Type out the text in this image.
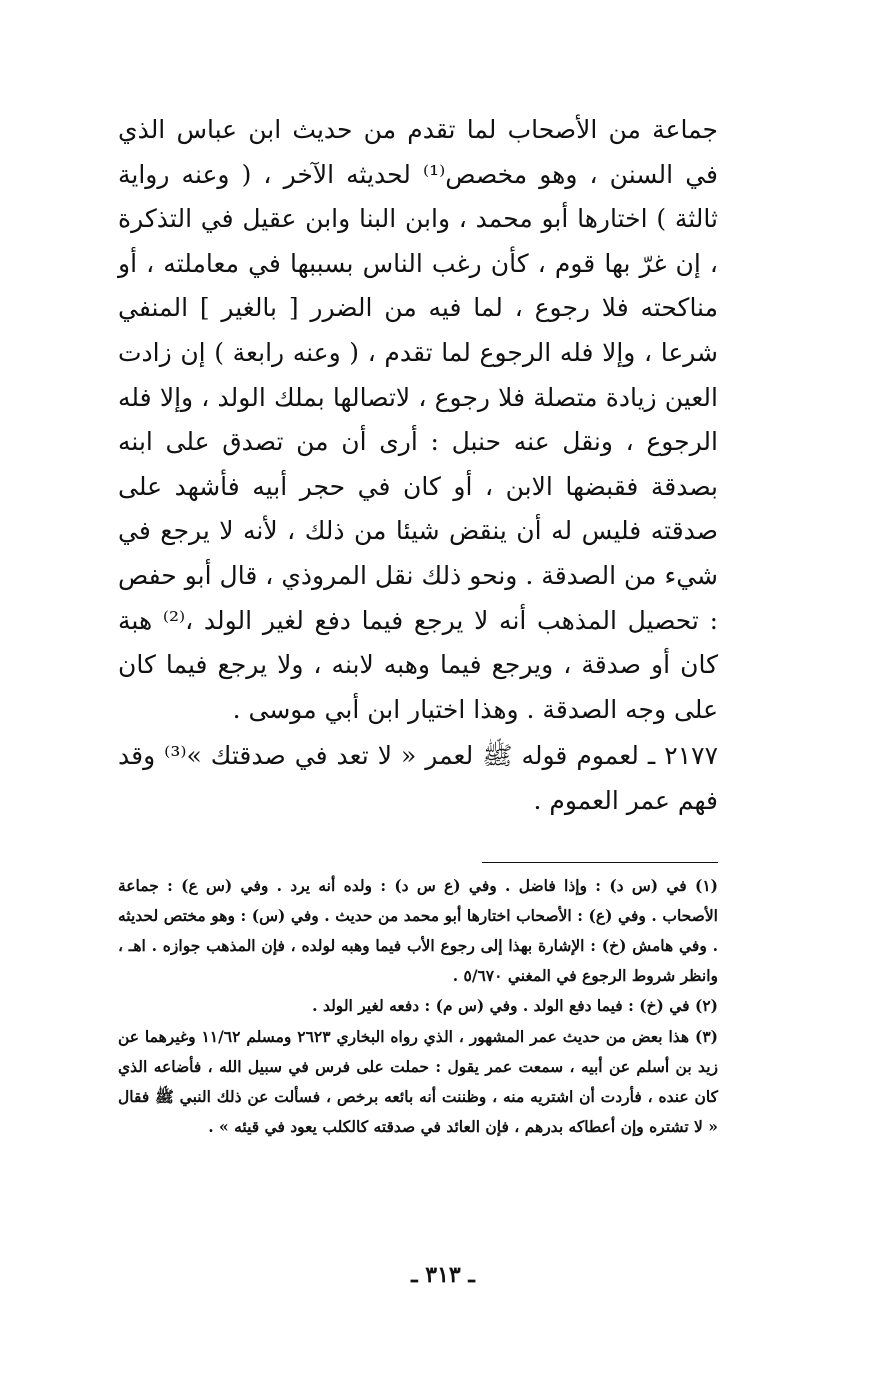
جماعة من الأصحاب لما تقدم من حديث ابن عباس الذي في السنن ، وهو مخصص⁽¹⁾ لحديثه الآخر ، ( وعنه رواية ثالثة ) اختارها أبو محمد ، وابن البنا وابن عقيل في التذكرة ، إن غرّ بها قوم ، كأن رغب الناس بسببها في معاملته ، أو مناكحته فلا رجوع ، لما فيه من الضرر [ بالغير ] المنفي شرعا ، وإلا فله الرجوع لما تقدم ، ( وعنه رابعة ) إن زادت العين زيادة متصلة فلا رجوع ، لاتصالها بملك الولد ، وإلا فله الرجوع ، ونقل عنه حنبل : أرى أن من تصدق على ابنه بصدقة فقبضها الابن ، أو كان في حجر أبيه فأشهد على صدقته فليس له أن ينقض شيئا من ذلك ، لأنه لا يرجع في شيء من الصدقة . ونحو ذلك نقل المروذي ، قال أبو حفص : تحصيل المذهب أنه لا يرجع فيما دفع لغير الولد ،⁽²⁾ هبة كان أو صدقة ، ويرجع فيما وهبه لابنه ، ولا يرجع فيما كان على وجه الصدقة . وهذا اختيار ابن أبي موسى .

٢١٧٧ ـ لعموم قوله ﷺ لعمر « لا تعد في صدقتك »⁽³⁾ وقد فهم عمر العموم .

(١) في (س د) : وإذا فاضل . وفي (ع س د) : ولده أنه يرد . وفي (س ع) : جماعة الأصحاب . وفي (ع) : الأصحاب اختارها أبو محمد من حديث . وفي (س) : وهو مختص لحديثه . وفي هامش (خ) : الإشارة بهذا إلى رجوع الأب فيما وهبه لولده ، فإن المذهب جوازه . اهـ ، وانظر شروط الرجوع في المغني ٥/٦٧٠ .

(٢) في (خ) : فيما دفع الولد . وفي (س م) : دفعه لغير الولد .

(٣) هذا بعض من حديث عمر المشهور ، الذي رواه البخاري ٢٦٢٣ ومسلم ١١/٦٢ وغيرهما عن زيد بن أسلم عن أبيه ، سمعت عمر يقول : حملت على فرس في سبيل الله ، فأضاعه الذي كان عنده ، فأردت أن اشتريه منه ، وظننت أنه بائعه برخص ، فسألت عن ذلك النبي ﷺ فقال « لا تشتره وإن أعطاكه بدرهم ، فإن العائد في صدقته كالكلب يعود في قيئه » .

ـ ٣١٣ ـ
